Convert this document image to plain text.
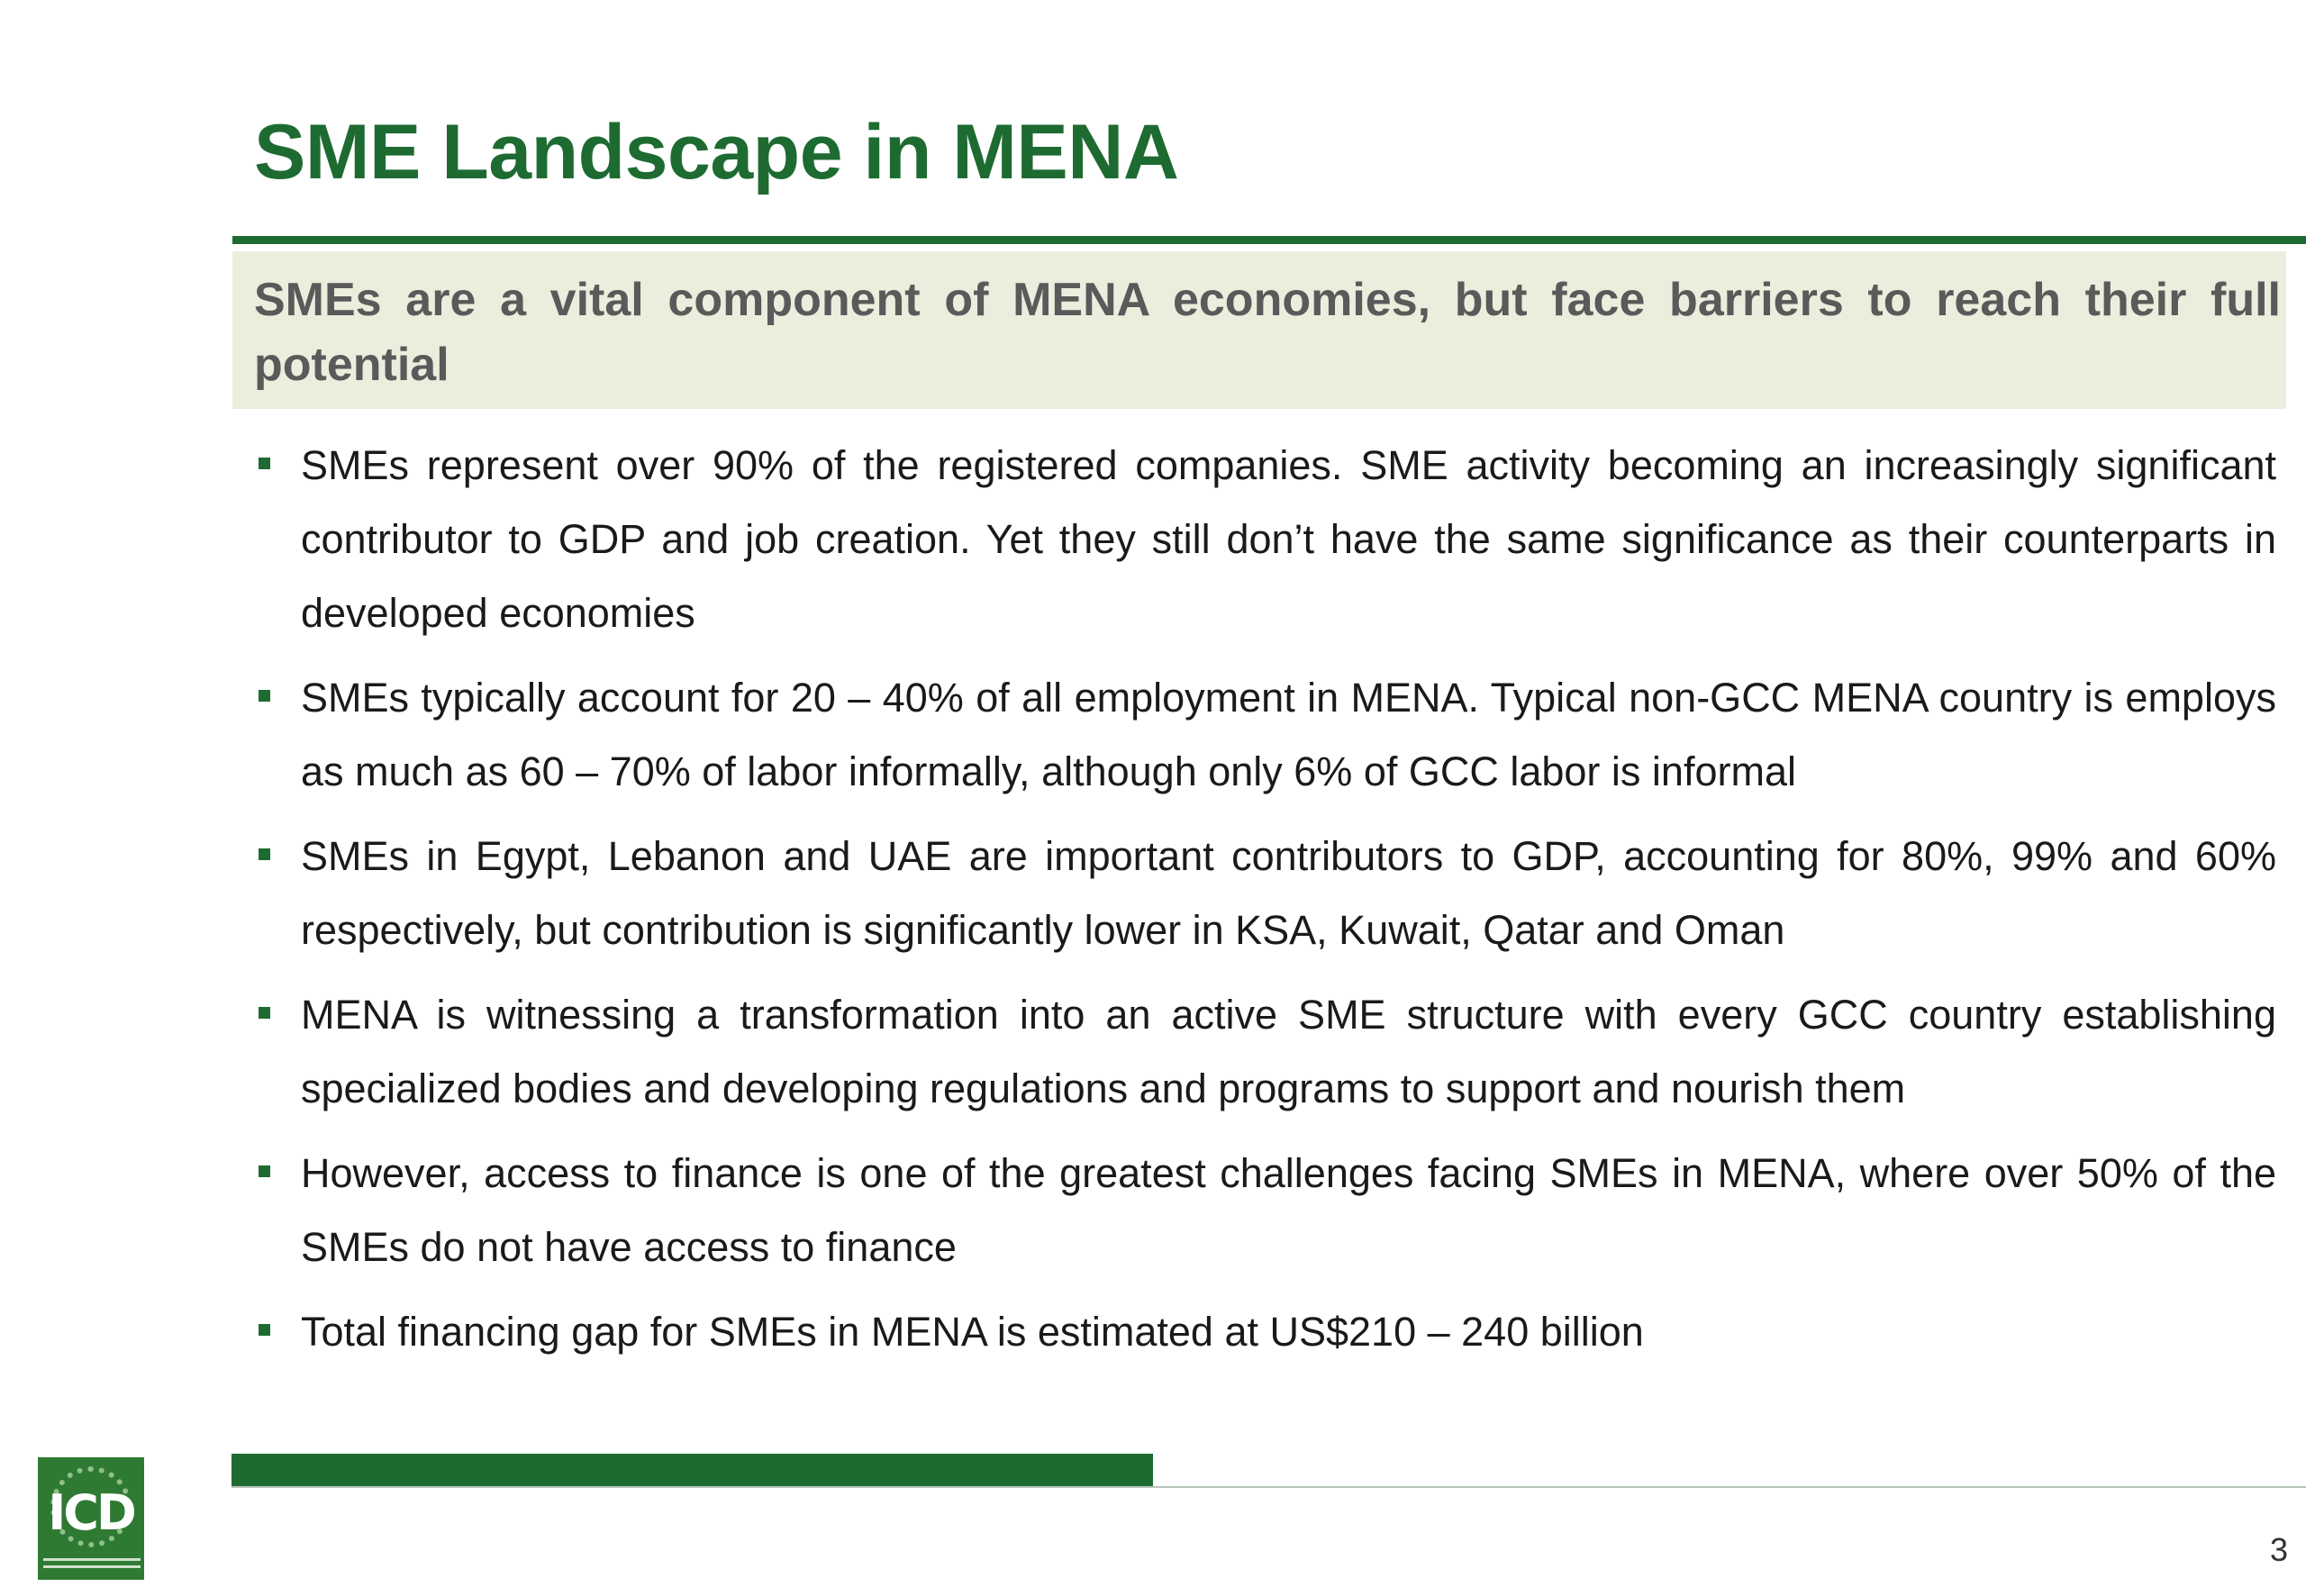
SME Landscape in MENA
SMEs are a vital component of MENA economies, but face barriers to reach their full potential
SMEs represent over 90% of the registered companies. SME activity becoming an increasingly significant contributor to GDP and job creation. Yet they still don’t have the same significance as their counterparts in developed economies
SMEs typically account for 20 – 40% of all employment in MENA. Typical non-GCC MENA country is employs as much as 60 – 70% of labor informally, although only 6% of GCC labor is informal
SMEs in Egypt, Lebanon and UAE are important contributors to GDP, accounting for 80%, 99% and 60% respectively, but contribution is significantly lower in KSA, Kuwait, Qatar and Oman
MENA is witnessing a transformation into an active SME structure with every GCC country establishing specialized bodies and developing regulations and programs to support and nourish them
However, access to finance is one of the greatest challenges facing SMEs in MENA, where over 50% of the SMEs do not have access to finance
Total financing gap for SMEs in MENA is estimated at US$210 – 240 billion
ICD
3
